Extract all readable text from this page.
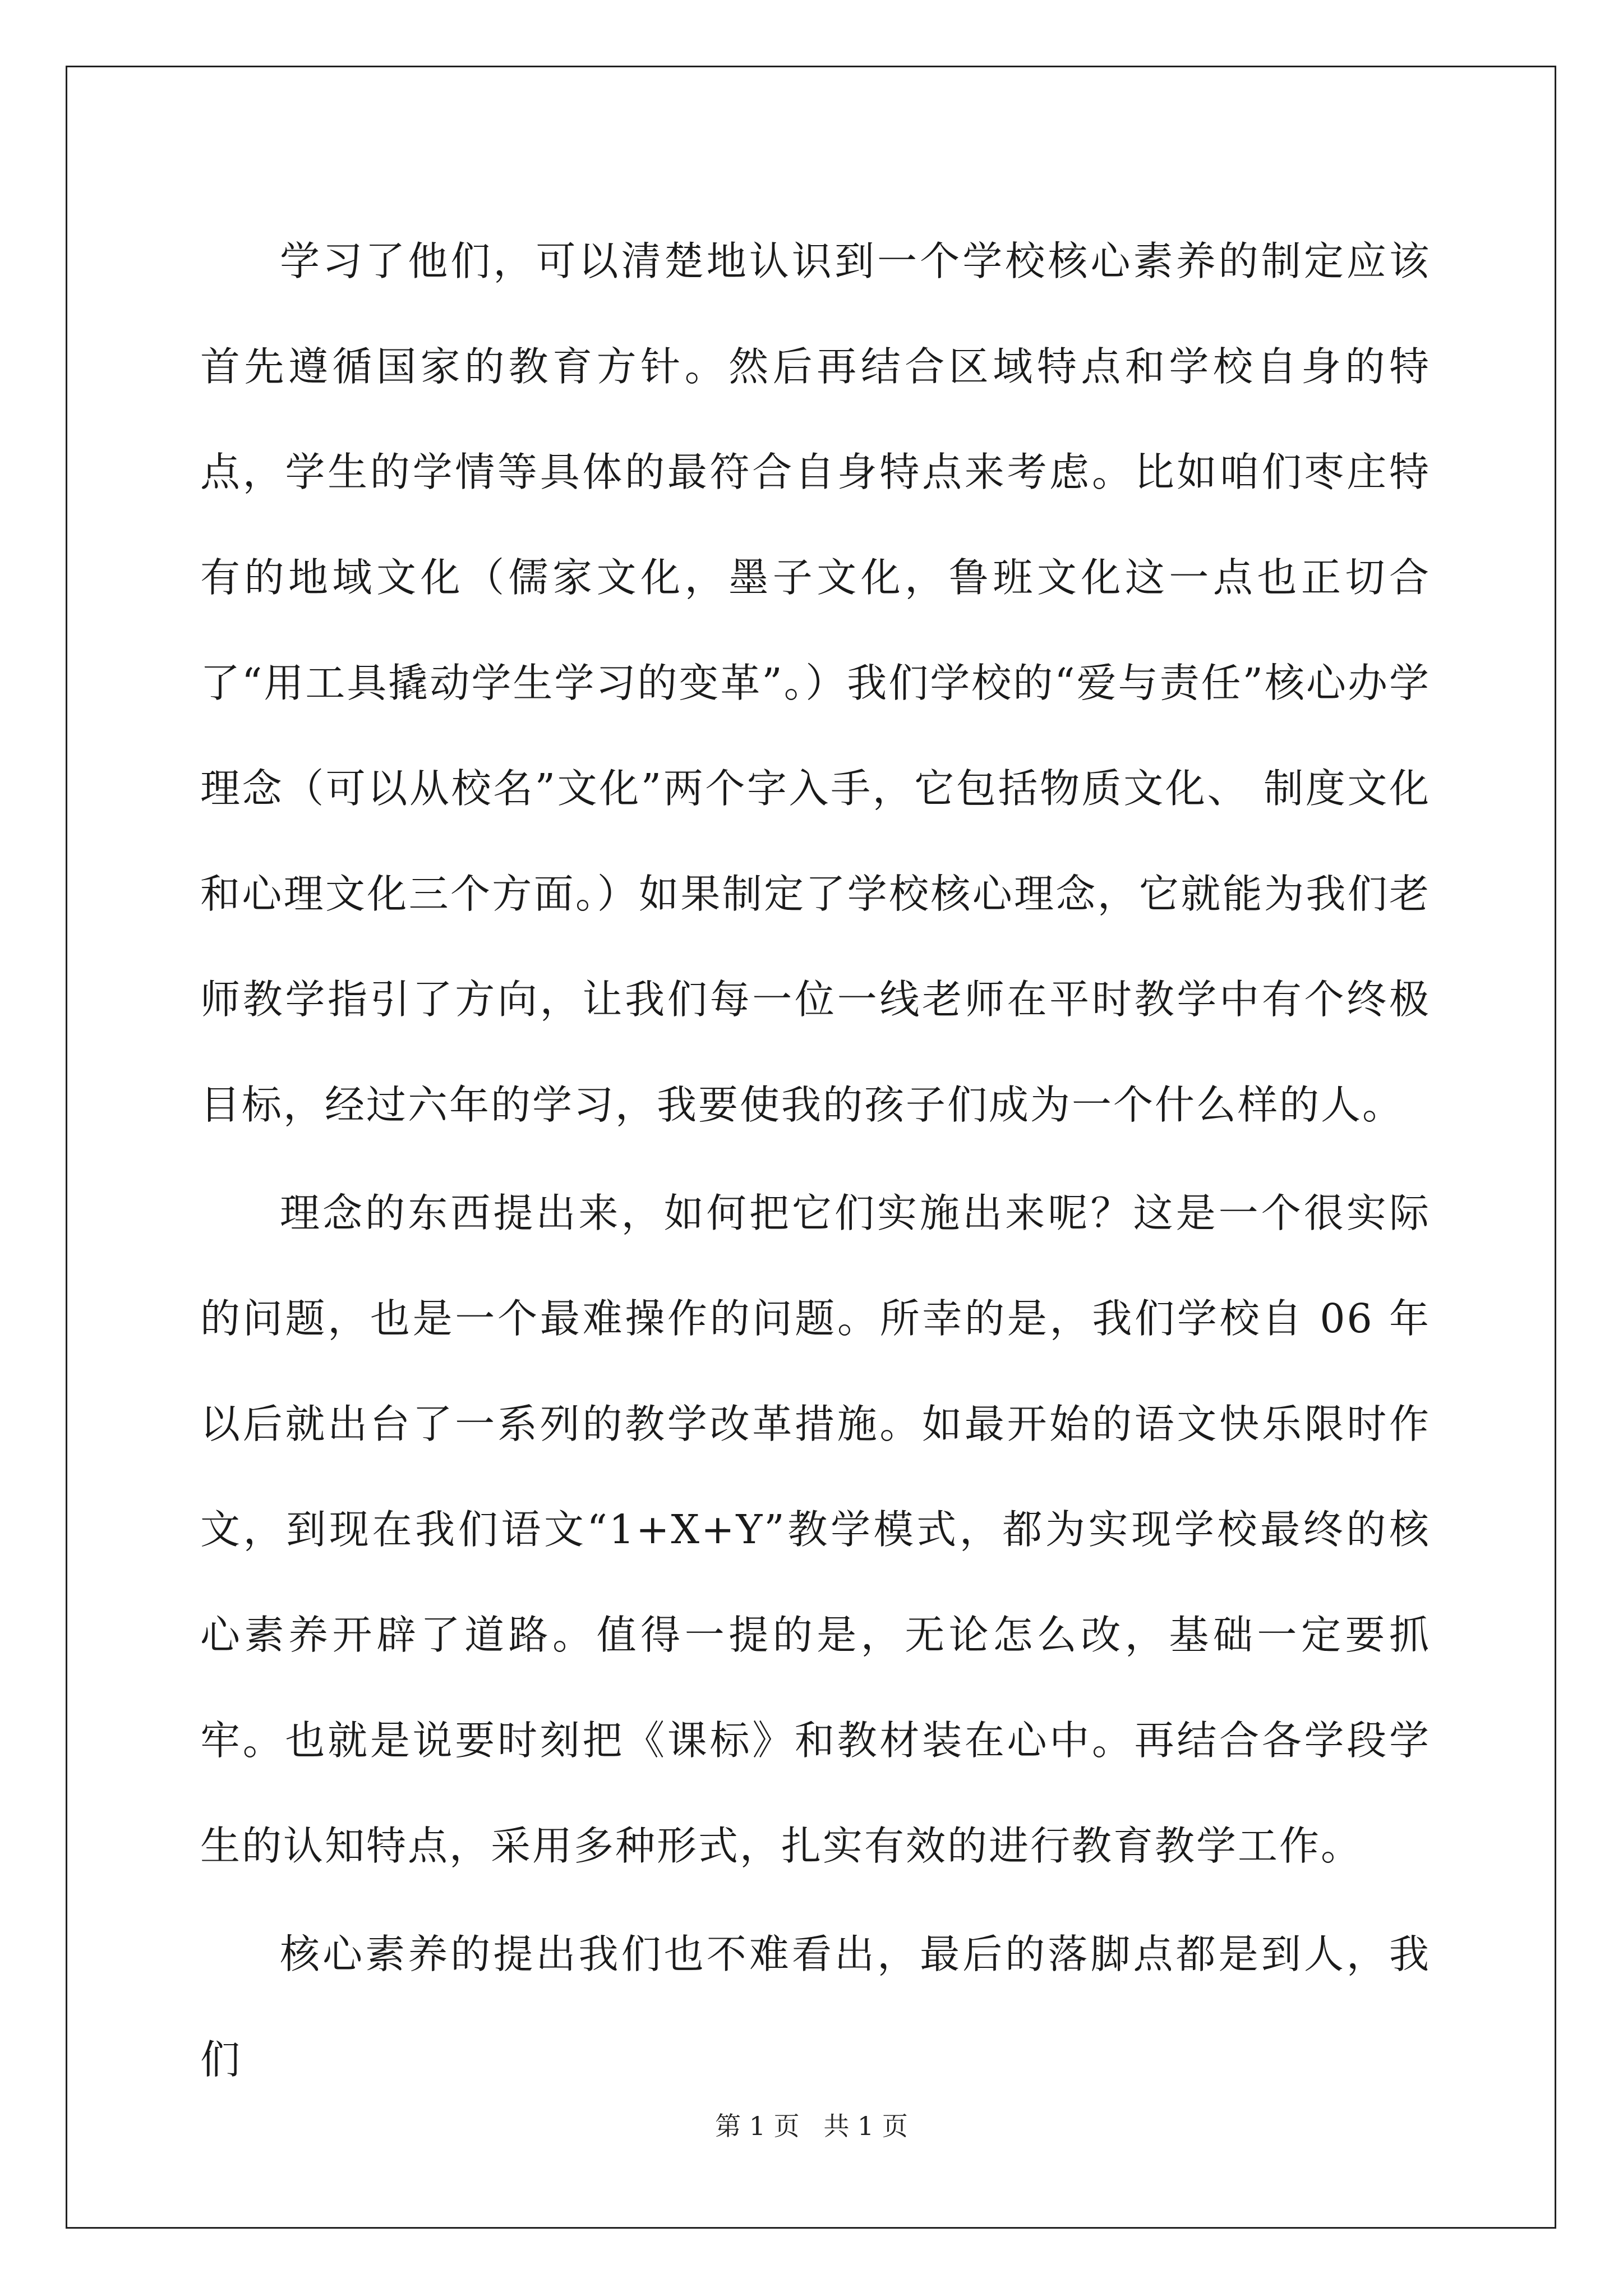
学习了他们，可以清楚地认识到一个学校核心素养的制定应该首先遵循国家的教育方针。然后再结合区域特点和学校自身的特点，学生的学情等具体的最符合自身特点来考虑。比如咱们枣庄特有的地域文化（儒家文化，墨子文化，鲁班文化这一点也正切合了“用工具撬动学生学习的变革”。）我们学校的“爱与责任”核心办学理念（可以从校名”文化”两个字入手，它包括物质文化、 制度文化和心理文化三个方面。）如果制定了学校核心理念，它就能为我们老师教学指引了方向，让我们每一位一线老师在平时教学中有个终极目标，经过六年的学习，我要使我的孩子们成为一个什么样的人。

理念的东西提出来，如何把它们实施出来呢？这是一个很实际的问题，也是一个最难操作的问题。所幸的是，我们学校自 06 年以后就出台了一系列的教学改革措施。如最开始的语文快乐限时作文，到现在我们语文“1+X+Y”教学模式，都为实现学校最终的核心素养开辟了道路。值得一提的是，无论怎么改，基础一定要抓牢。也就是说要时刻把《课标》和教材装在心中。再结合各学段学生的认知特点，采用多种形式，扎实有效的进行教育教学工作。

核心素养的提出我们也不难看出，最后的落脚点都是到人，我们

第 1 页 共 1 页
